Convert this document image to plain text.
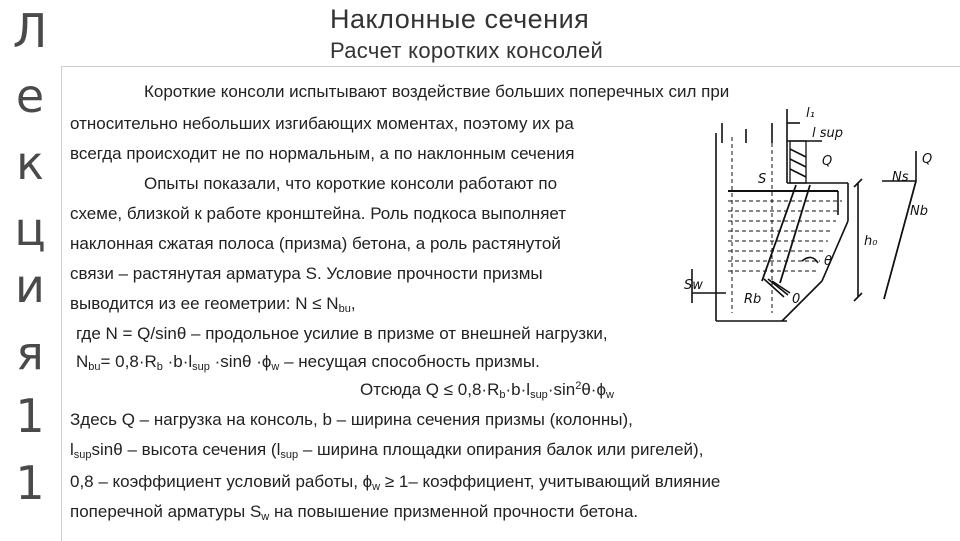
Л
е
к
ц
и
я
1
1
Наклонные сечения
Расчет коротких консолей
Короткие консоли испытывают воздействие больших поперечных сил при
относительно небольших изгибающих моментах, поэтому их ра
всегда происходит не по нормальным, а по наклонным сечения
Опыты показали, что короткие консоли работают по
схеме, близкой к работе кронштейна. Роль подкоса выполняет
наклонная сжатая полоса (призма) бетона, а роль растянутой
связи – растянутая арматура S. Условие прочности призмы
выводится из ее геометрии: $N \le N_{bu}$,
где N = Q/sinθ – продольное усилие в призме от внешней нагрузки,
$N_{bu}= 0,8\cdot R_b \cdot b\cdot l_{sup} \cdot\sin\theta \cdot\phi_w$ – несущая способность призмы.
Отсюда $Q \le 0,8\cdot R_b\cdot b\cdot l_{sup}\cdot\sin^2\theta\cdot\phi_w$
Здесь Q – нагрузка на консоль, b – ширина сечения призмы (колонны),
$l_{sup}\sin\theta$ – высота сечения ($l_{sup}$ – ширина площадки опирания балок или ригелей),
0,8 – коэффициент условий работы, $\phi_w \ge 1-$ коэффициент, учитывающий влияние
поперечной арматуры $S_w$ на повышение призменной прочности бетона.
l₁
l sup
Q	Q
S	Ns
Nb
h₀
θ
Sw
Rb 0
